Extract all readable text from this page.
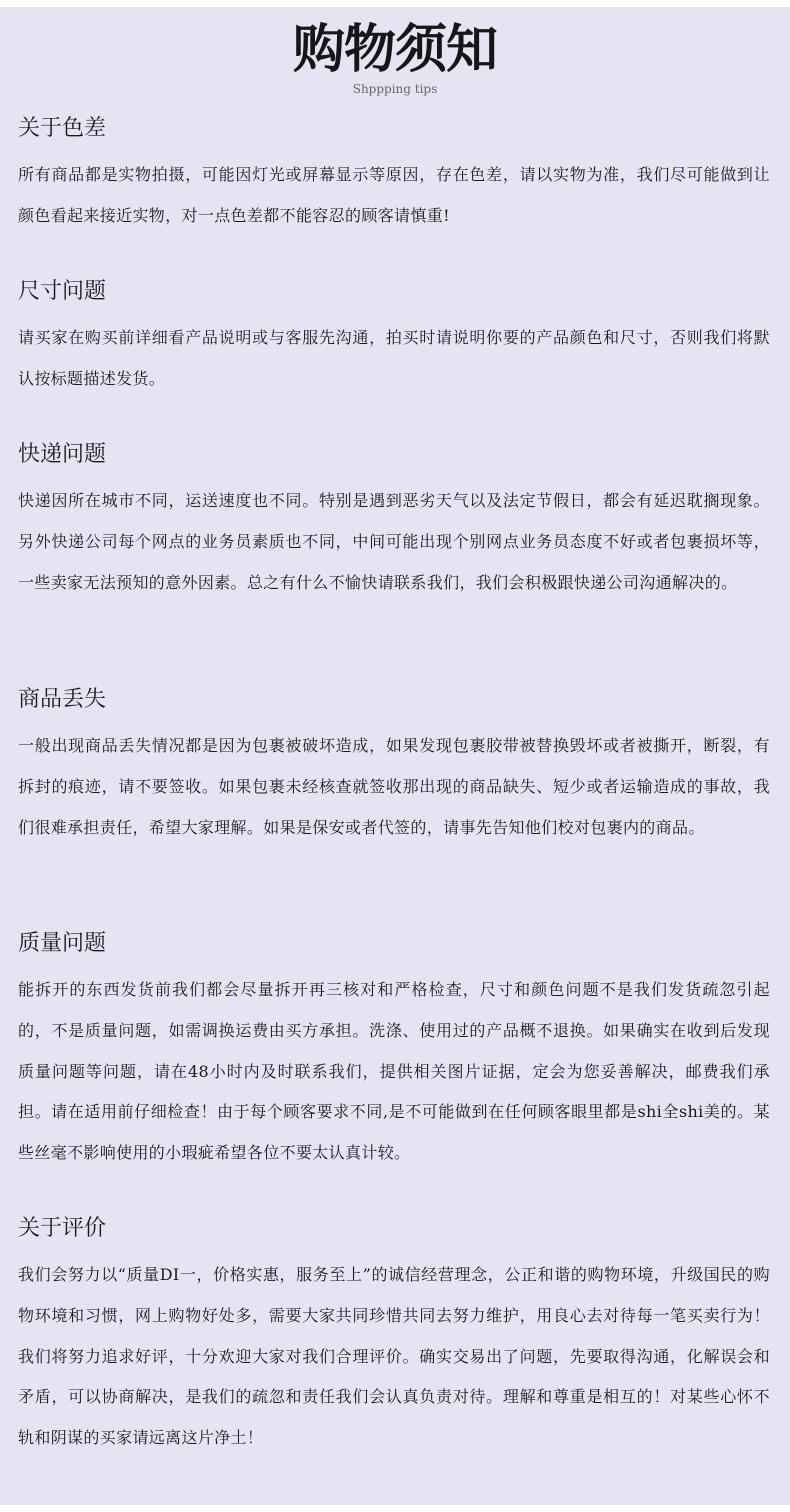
购物须知
Shppping tips
关于色差

所有商品都是实物拍摄，可能因灯光或屏幕显示等原因，存在色差，请以实物为准，我们尽可能做到让颜色看起来接近实物，对一点色差都不能容忍的顾客请慎重!

尺寸问题

请买家在购买前详细看产品说明或与客服先沟通，拍买时请说明你要的产品颜色和尺寸，否则我们将默认按标题描述发货。

快递问题

快递因所在城市不同，运送速度也不同。特别是遇到恶劣天气以及法定节假日，都会有延迟耽搁现象。另外快递公司每个网点的业务员素质也不同，中间可能出现个别网点业务员态度不好或者包裹损坏等，一些卖家无法预知的意外因素。总之有什么不愉快请联系我们，我们会积极跟快递公司沟通解决的。

商品丢失

一般出现商品丢失情况都是因为包裹被破坏造成，如果发现包裹胶带被替换毁坏或者被撕开，断裂，有拆封的痕迹，请不要签收。如果包裹未经核查就签收那出现的商品缺失、短少或者运输造成的事故，我们很难承担责任，希望大家理解。如果是保安或者代签的，请事先告知他们校对包裹内的商品。

质量问题

能拆开的东西发货前我们都会尽量拆开再三核对和严格检查，尺寸和颜色问题不是我们发货疏忽引起的，不是质量问题，如需调换运费由买方承担。洗涤、使用过的产品概不退换。如果确实在收到后发现质量问题等问题，请在48小时内及时联系我们，提供相关图片证据，定会为您妥善解决，邮费我们承担。请在适用前仔细检查！由于每个顾客要求不同,是不可能做到在任何顾客眼里都是shi全shi美的。某些丝毫不影响使用的小瑕疵希望各位不要太认真计较。

关于评价

我们会努力以“质量DI一，价格实惠，服务至上”的诚信经营理念，公正和谐的购物环境，升级国民的购物环境和习惯，网上购物好处多，需要大家共同珍惜共同去努力维护，用良心去对待每一笔买卖行为！我们将努力追求好评，十分欢迎大家对我们合理评价。确实交易出了问题，先要取得沟通，化解误会和矛盾，可以协商解决，是我们的疏忽和责任我们会认真负责对待。理解和尊重是相互的！对某些心怀不轨和阴谋的买家请远离这片净土！
